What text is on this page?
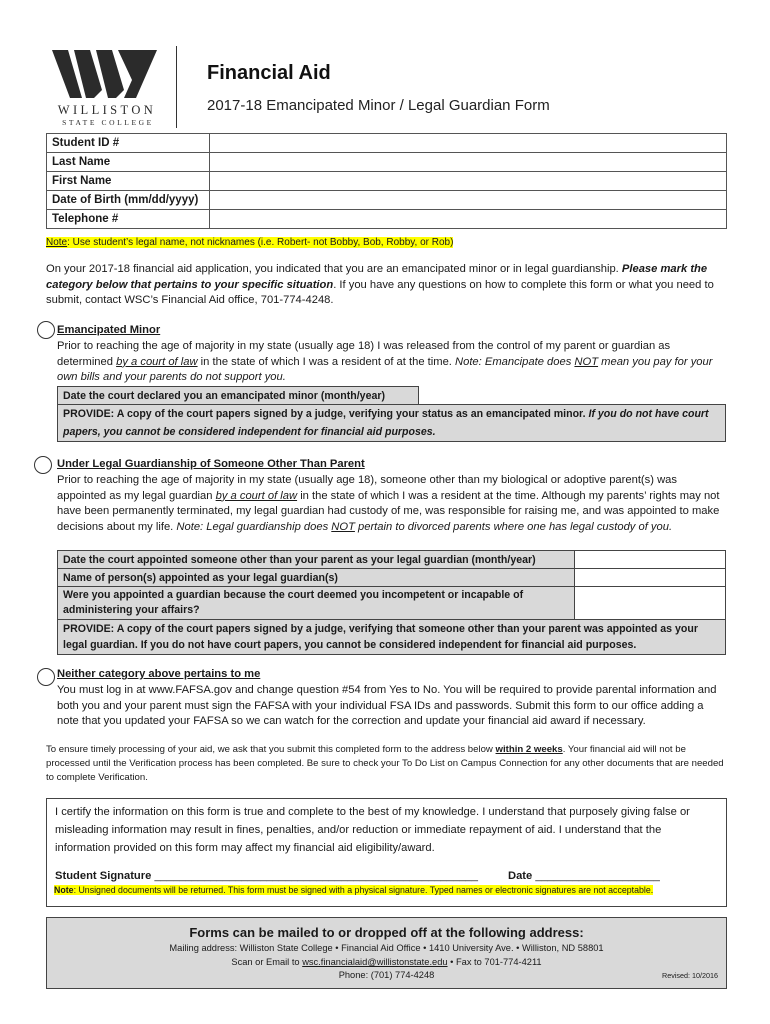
WILLISTON
STATE COLLEGE
Financial Aid
2017-18 Emancipated Minor / Legal Guardian Form
Student ID #	
Last Name	
First Name	
Date of Birth (mm/dd/yyyy)	
Telephone #	
Note: Use student’s legal name, not nicknames (i.e. Robert- not Bobby, Bob, Robby, or Rob)
On your 2017-18 financial aid application, you indicated that you are an emancipated minor or in legal guardianship. Please mark the category below that pertains to your specific situation. If you have any questions on how to complete this form or what you need to submit, contact WSC’s Financial Aid office, 701-774-4248.
Emancipated Minor
Prior to reaching the age of majority in my state (usually age 18) I was released from the control of my parent or guardian as determined by a court of law in the state of which I was a resident of at the time. Note: Emancipate does NOT mean you pay for your own bills and your parents do not support you.
Date the court declared you an emancipated minor (month/year)	
PROVIDE: A copy of the court papers signed by a judge, verifying your status as an emancipated minor. If you do not have court papers, you cannot be considered independent for financial aid purposes.
Under Legal Guardianship of Someone Other Than Parent
Prior to reaching the age of majority in my state (usually age 18), someone other than my biological or adoptive parent(s) was appointed as my legal guardian by a court of law in the state of which I was a resident at the time. Although my parents’ rights may not have been permanently terminated, my legal guardian had custody of me, was responsible for raising me, and was appointed to make decisions about my life. Note: Legal guardianship does NOT pertain to divorced parents where one has legal custody of you.
Date the court appointed someone other than your parent as your legal guardian (month/year)	
Name of person(s) appointed as your legal guardian(s)	
Were you appointed a guardian because the court deemed you incompetent or incapable of administering your affairs?	
PROVIDE: A copy of the court papers signed by a judge, verifying that someone other than your parent was appointed as your legal guardian. If you do not have court papers, you cannot be considered independent for financial aid purposes.	
Neither category above pertains to me
You must log in at www.FAFSA.gov and change question #54 from Yes to No. You will be required to provide parental information and both you and your parent must sign the FAFSA with your individual FSA IDs and passwords. Submit this form to our office adding a note that you updated your FAFSA so we can watch for the correction and update your financial aid award if necessary.
To ensure timely processing of your aid, we ask that you submit this completed form to the address below within 2 weeks. Your financial aid will not be processed until the Verification process has been completed. Be sure to check your To Do List on Campus Connection for any other documents that are needed to complete Verification.
I certify the information on this form is true and complete to the best of my knowledge. I understand that purposely giving false or misleading information may result in fines, penalties, and/or reduction or immediate repayment of aid. I understand that the information provided on this form may affect my financial aid eligibility/award.
Student Signature ____________________________________________________	Date ____________________
Note: Unsigned documents will be returned. This form must be signed with a physical signature. Typed names or electronic signatures are not acceptable.
Forms can be mailed to or dropped off at the following address:
Mailing address: Williston State College • Financial Aid Office • 1410 University Ave. • Williston, ND 58801
Scan or Email to wsc.financialaid@willistonstate.edu • Fax to 701-774-4211
Phone: (701) 774-4248	Revised: 10/2016
